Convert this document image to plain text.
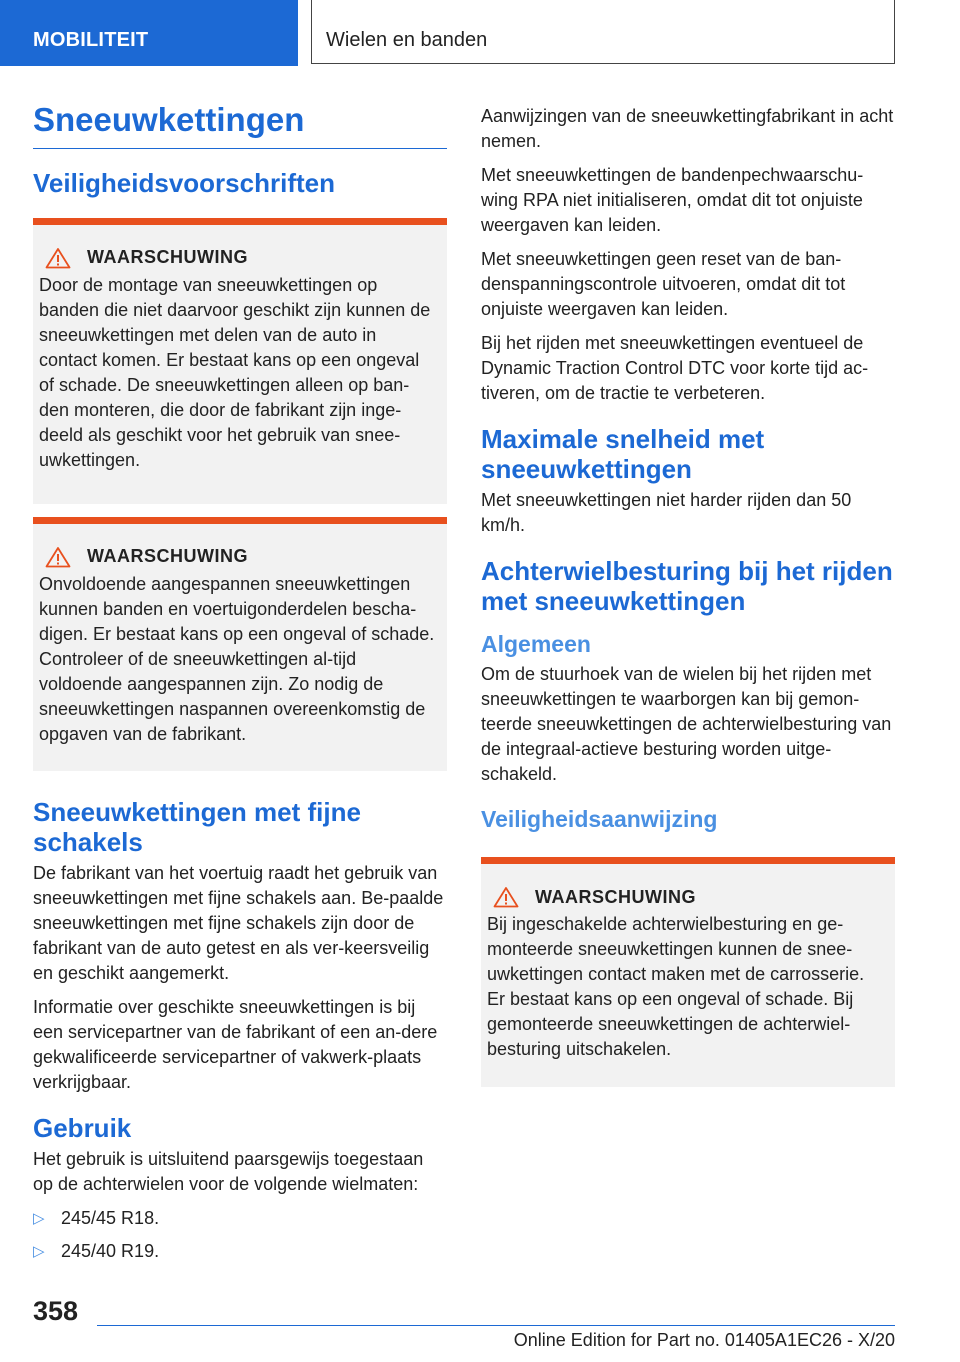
MOBILITEIT	Wielen en banden
Sneeuwkettingen
Veiligheidsvoorschriften
WAARSCHUWING

Door de montage van sneeuwkettingen op banden die niet daarvoor geschikt zijn kunnen de sneeuwkettingen met delen van de auto in contact komen. Er bestaat kans op een ongeval of schade. De sneeuwkettingen alleen op ban-den monteren, die door de fabrikant zijn inge-deeld als geschikt voor het gebruik van snee-uwkettingen.

WAARSCHUWING

Onvoldoende aangespannen sneeuwkettingen kunnen banden en voertuigonderdelen bescha-digen. Er bestaat kans op een ongeval of schade. Controleer of de sneeuwkettingen al-tijd voldoende aangespannen zijn. Zo nodig de sneeuwkettingen naspannen overeenkomstig de opgaven van de fabrikant.

Sneeuwkettingen met fijne schakels

De fabrikant van het voertuig raadt het gebruik van sneeuwkettingen met fijne schakels aan. Be-paalde sneeuwkettingen met fijne schakels zijn door de fabrikant van de auto getest en als ver-keersveilig en geschikt aangemerkt.

Informatie over geschikte sneeuwkettingen is bij een servicepartner van de fabrikant of een an-dere gekwalificeerde servicepartner of vakwerk-plaats verkrijgbaar.

Gebruik

Het gebruik is uitsluitend paarsgewijs toegestaan op de achterwielen voor de volgende wielmaten:

▷ 245/45 R18.
▷ 245/40 R19.

Aanwijzingen van de sneeuwkettingfabrikant in acht nemen.

Met sneeuwkettingen de bandenpechwaarschu-wing RPA niet initialiseren, omdat dit tot onjuiste weergaven kan leiden.

Met sneeuwkettingen geen reset van de ban-denspanningscontrole uitvoeren, omdat dit tot onjuiste weergaven kan leiden.

Bij het rijden met sneeuwkettingen eventueel de Dynamic Traction Control DTC voor korte tijd ac-tiveren, om de tractie te verbeteren.

Maximale snelheid met sneeuwkettingen

Met sneeuwkettingen niet harder rijden dan 50 km/h.

Achterwielbesturing bij het rijden met sneeuwkettingen
Algemeen

Om de stuurhoek van de wielen bij het rijden met sneeuwkettingen te waarborgen kan bij gemon-teerde sneeuwkettingen de achterwielbesturing van de integraal-actieve besturing worden uitge-schakeld.

Veiligheidsaanwijzing
WAARSCHUWING

Bij ingeschakelde achterwielbesturing en ge-monteerde sneeuwkettingen kunnen de snee-uwkettingen contact maken met de carrosserie. Er bestaat kans op een ongeval of schade. Bij gemonteerde sneeuwkettingen de achterwiel-besturing uitschakelen.

358
Online Edition for Part no. 01405A1EC26 - X/20
